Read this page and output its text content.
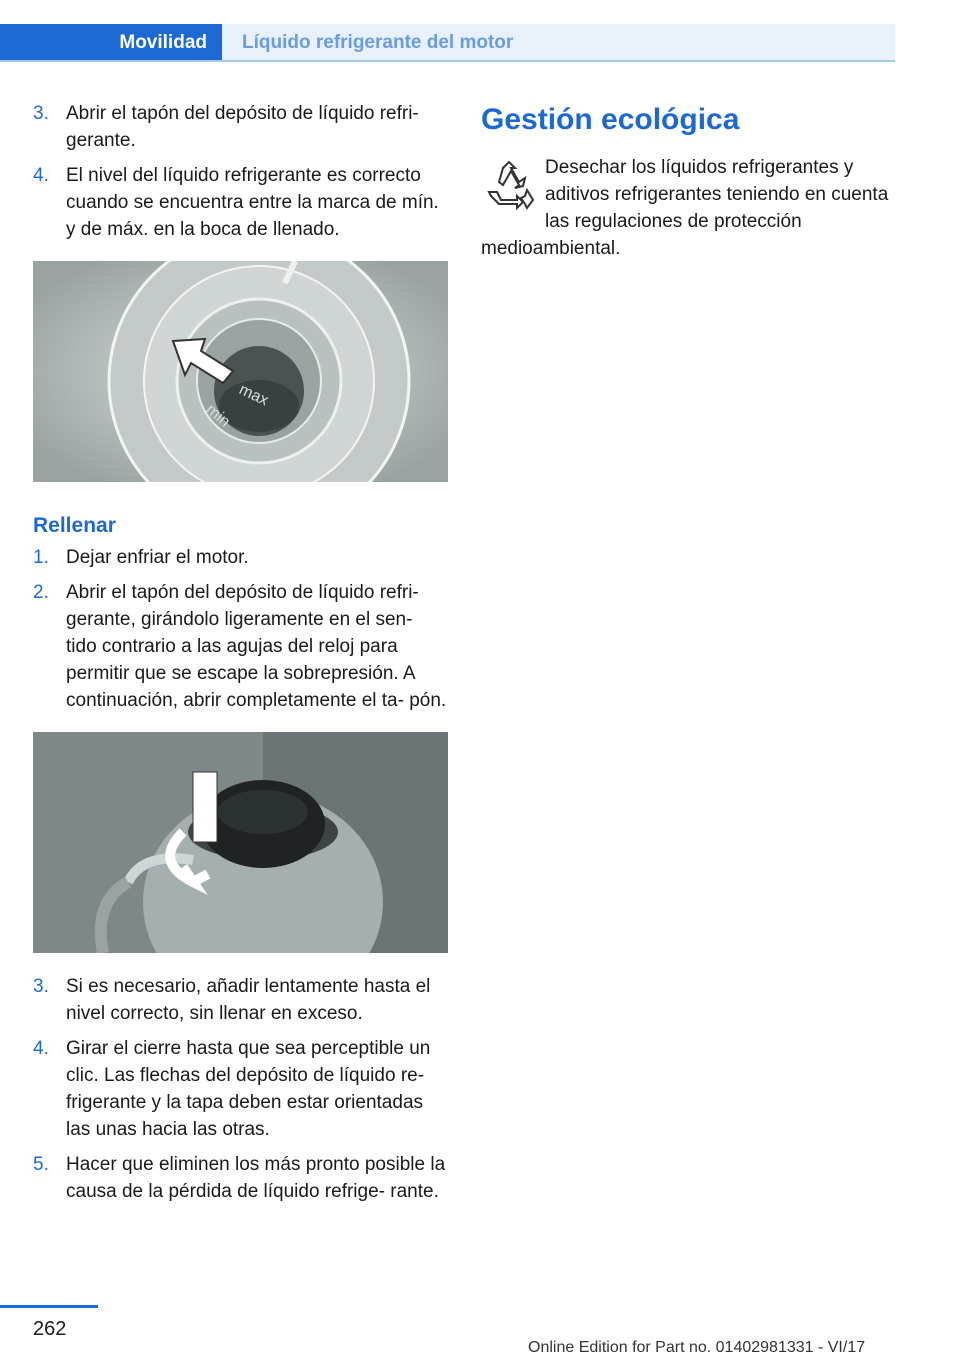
Movilidad	Líquido refrigerante del motor
3. Abrir el tapón del depósito de líquido refri‐ gerante.
4. El nivel del líquido refrigerante es correcto cuando se encuentra entre la marca de mín. y de máx. en la boca de llenado.
max
min
Rellenar
1. Dejar enfriar el motor.
2. Abrir el tapón del depósito de líquido refri‐ gerante, girándolo ligeramente en el sen‐ tido contrario a las agujas del reloj para permitir que se escape la sobrepresión. A continuación, abrir completamente el ta‐ pón.
3. Si es necesario, añadir lentamente hasta el nivel correcto, sin llenar en exceso.
4. Girar el cierre hasta que sea perceptible un clic. Las flechas del depósito de líquido re‐ frigerante y la tapa deben estar orientadas las unas hacia las otras.
5. Hacer que eliminen los más pronto posible la causa de la pérdida de líquido refrige‐ rante.
Gestión ecológica
Desechar los líquidos refrigerantes y aditivos refrigerantes teniendo en cuenta las regulaciones de protección medioambiental.
262
Online Edition for Part no. 01402981331 - VI/17
